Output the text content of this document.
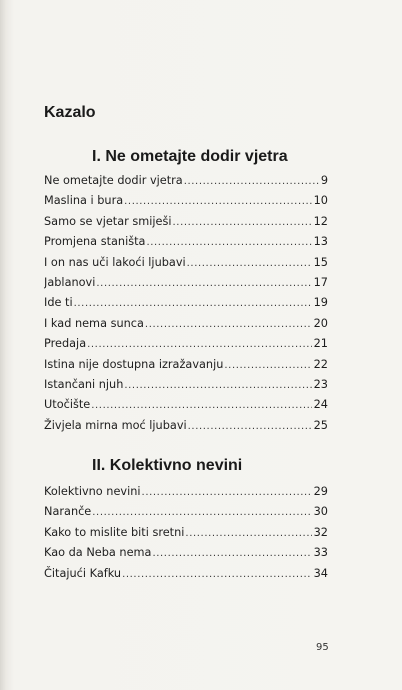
Kazalo
I. Ne ometajte dodir vjetra
Ne ometajte dodir vjetra .....	9
Maslina i bura .....	10
Samo se vjetar smiješi .....	12
Promjena staništa .....	13
I on nas uči lakoći ljubavi .....	15
Jablanovi .....	17
Ide ti .....	19
I kad nema sunca .....	20
Predaja .....	21
Istina nije dostupna izražavanju .....	22
Istančani njuh .....	23
Utočište .....	24
Živjela mirna moć ljubavi .....	25
II. Kolektivno nevini
Kolektivno nevini .....	29
Naranče .....	30
Kako to mislite biti sretni .....	32
Kao da Neba nema .....	33
Čitajući Kafku .....	34
95
